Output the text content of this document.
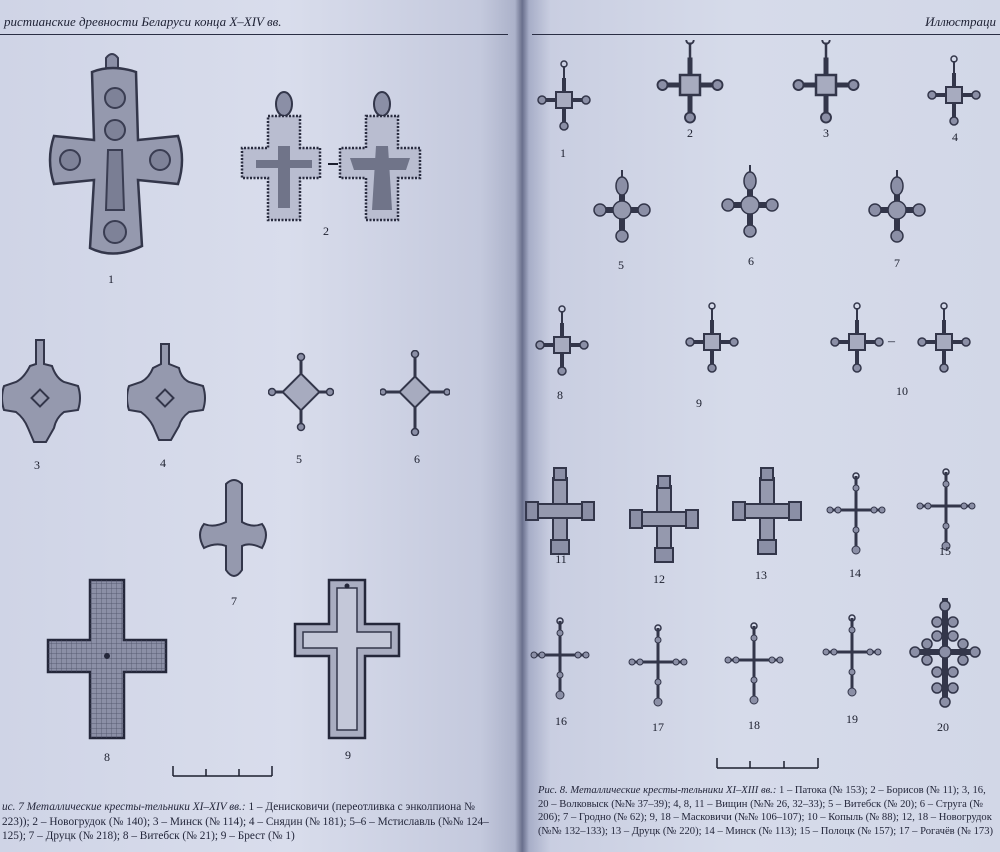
ристианские древности Беларуси конца X–XIV вв.
1
2
3	4	5	6
7
8	9
ис. 7 Металлические кресты-тельники XI–XIV вв.: 1 – Денисковичи (переотливка с энколпиона № 223)); 2 – Новогрудок (№ 140); 3 – Минск (№ 114); 4 – Снядин (№ 181); 5–6 – Мстиславль (№№ 124–125); 7 – Друцк (№ 218); 8 – Витебск (№ 21); 9 – Брест (№ 1)
Иллюстраци
–
1
2	3	4
5	6	7
8
9
10
11
12	13	14
15
16	17	18	19
20
Рис. 8. Металлические кресты-тельники XI–XIII вв.: 1 – Патока (№ 153); 2 – Борисов (№ 11); 3, 16, 20 – Волковыск (№№ 37–39); 4, 8, 11 – Вищин (№№ 26, 32–33); 5 – Витебск (№ 20); 6 – Струга (№ 206); 7 – Гродно (№ 62); 9, 18 – Масковичи (№№ 106–107); 10 – Копыль (№ 88); 12, 18 – Новогрудок (№№ 132–133); 13 – Друцк (№ 220); 14 – Минск (№ 113); 15 – Полоцк (№ 157); 17 – Рогачёв (№ 173)
